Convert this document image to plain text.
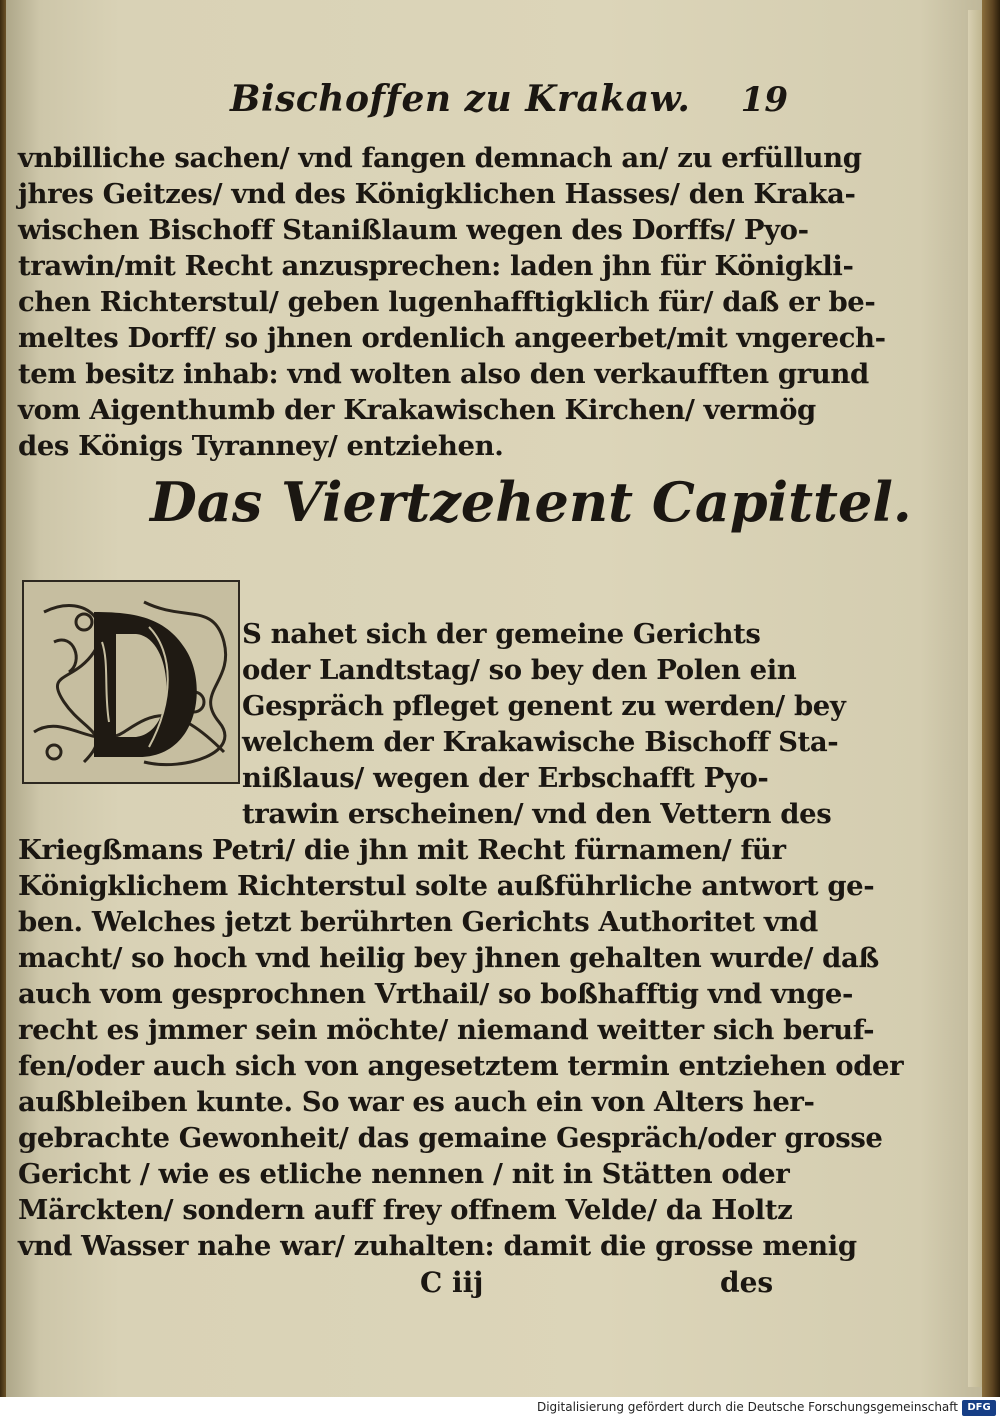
Bischoffen zu Krakaw.	19
vnbilliche sachen/ vnd fangen demnach an/ zu erfüllung
jhres Geitzes/ vnd des Königklichen Hasses/ den Kraka-
wischen Bischoff Stanißlaum wegen des Dorffs/ Pyo-
trawin/mit Recht anzusprechen: laden jhn für Königkli-
chen Richterstul/ geben lugenhafftigklich für/ daß er be-
meltes Dorff/ so jhnen ordenlich angeerbet/mit vngerech-
tem besitz inhab: vnd wolten also den verkaufften grund
vom Aigenthumb der Krakawischen Kirchen/ vermög
des Königs Tyranney/ entziehen.
Das Viertzehent Capittel.
S nahet sich der gemeine Gerichts
oder Landtstag/ so bey den Polen ein
Gespräch pfleget genent zu werden/ bey
welchem der Krakawische Bischoff Sta-
nißlaus/ wegen der Erbschafft Pyo-
trawin erscheinen/ vnd den Vettern des
Kriegßmans Petri/ die jhn mit Recht fürnamen/ für
Königklichem Richterstul solte außführliche antwort ge-
ben. Welches jetzt berührten Gerichts Authoritet vnd
macht/ so hoch vnd heilig bey jhnen gehalten wurde/ daß
auch vom gesprochnen Vrthail/ so boßhafftig vnd vnge-
recht es jmmer sein möchte/ niemand weitter sich beruf-
fen/oder auch sich von angesetztem termin entziehen oder
außbleiben kunte. So war es auch ein von Alters her-
gebrachte Gewonheit/ das gemaine Gespräch/oder grosse
Gericht / wie es etliche nennen / nit in Stätten oder
Märckten/ sondern auff frey offnem Velde/ da Holtz
vnd Wasser nahe war/ zuhalten: damit die grosse menig
C iij	des
Digitalisierung gefördert durch die Deutsche Forschungsgemeinschaft DFG
